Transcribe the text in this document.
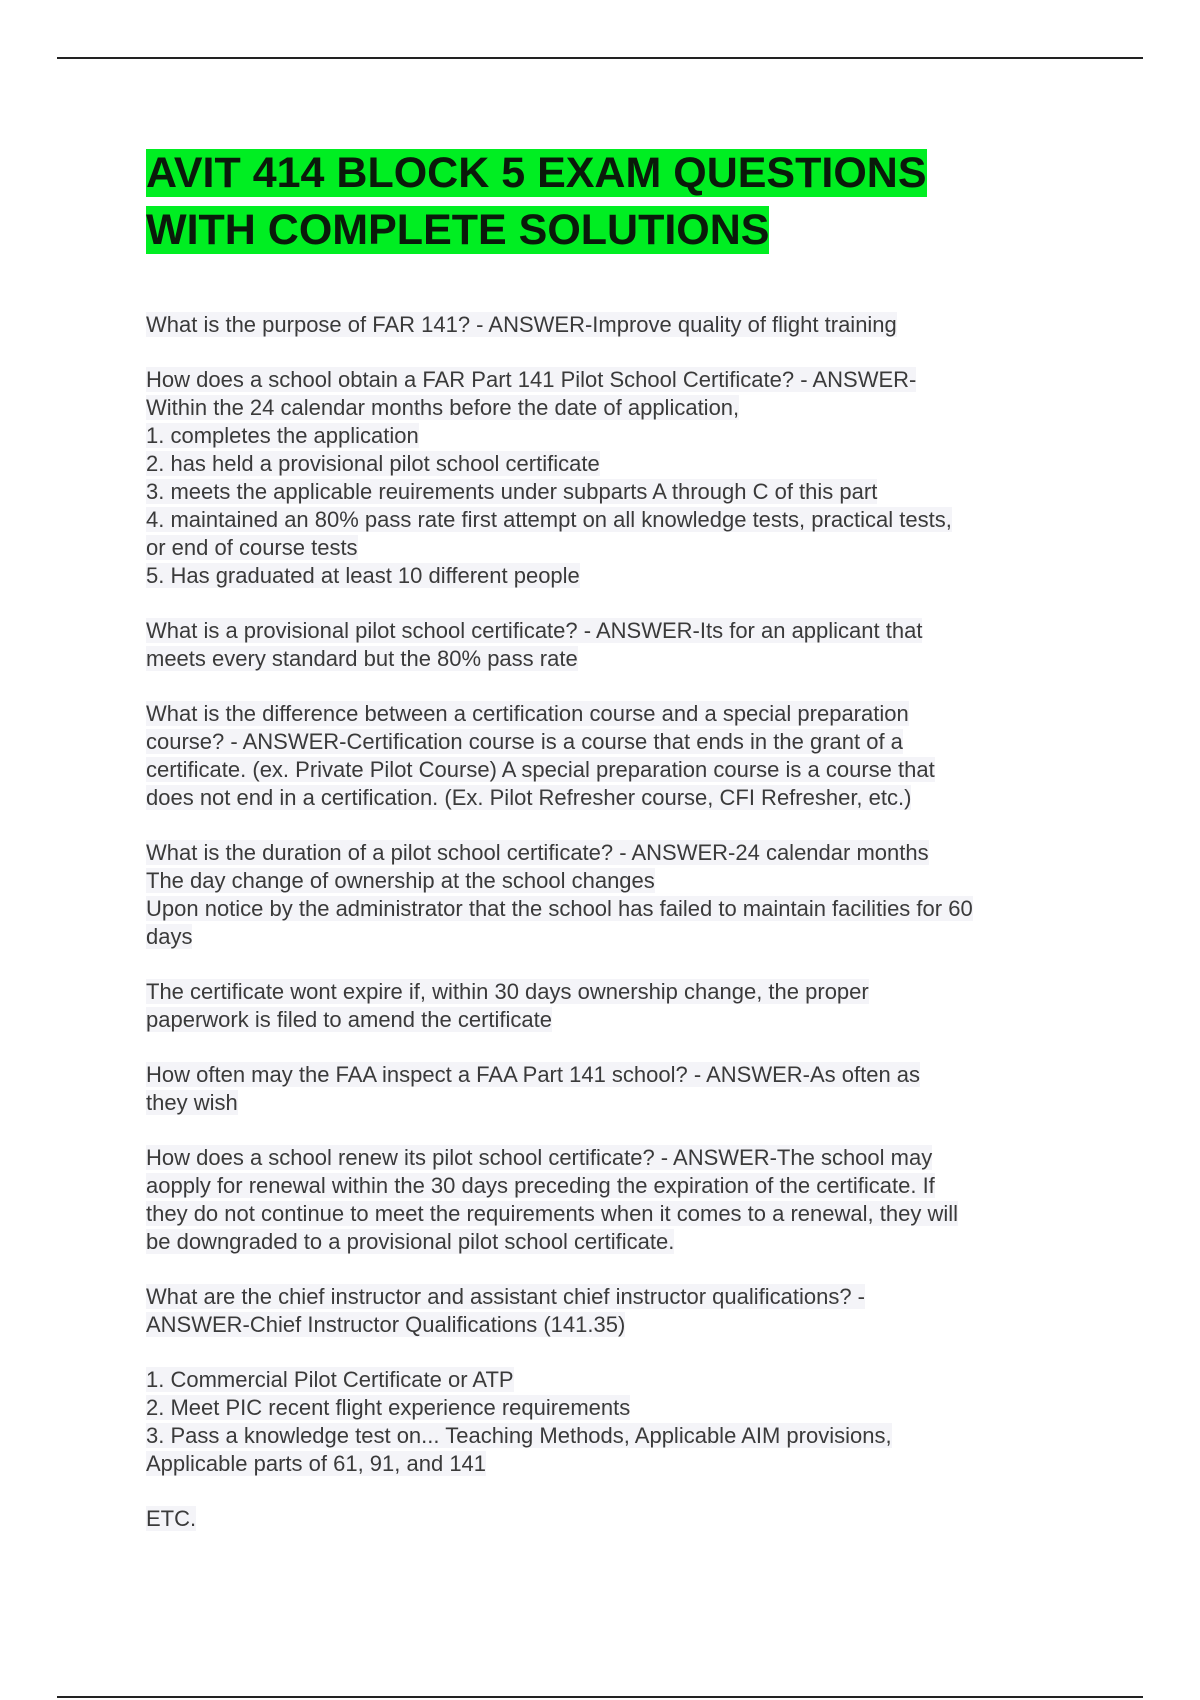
AVIT 414 BLOCK 5 EXAM QUESTIONS
WITH COMPLETE SOLUTIONS
What is the purpose of FAR 141? - ANSWER-Improve quality of flight training
How does a school obtain a FAR Part 141 Pilot School Certificate? - ANSWER-
Within the 24 calendar months before the date of application,
1. completes the application
2. has held a provisional pilot school certificate
3. meets the applicable reuirements under subparts A through C of this part
4. maintained an 80% pass rate first attempt on all knowledge tests, practical tests,
or end of course tests
5. Has graduated at least 10 different people
What is a provisional pilot school certificate? - ANSWER-Its for an applicant that
meets every standard but the 80% pass rate
What is the difference between a certification course and a special preparation
course? - ANSWER-Certification course is a course that ends in the grant of a
certificate. (ex. Private Pilot Course) A special preparation course is a course that
does not end in a certification. (Ex. Pilot Refresher course, CFI Refresher, etc.)
What is the duration of a pilot school certificate? - ANSWER-24 calendar months
The day change of ownership at the school changes
Upon notice by the administrator that the school has failed to maintain facilities for 60
days
The certificate wont expire if, within 30 days ownership change, the proper
paperwork is filed to amend the certificate
How often may the FAA inspect a FAA Part 141 school? - ANSWER-As often as
they wish
How does a school renew its pilot school certificate? - ANSWER-The school may
aopply for renewal within the 30 days preceding the expiration of the certificate. If
they do not continue to meet the requirements when it comes to a renewal, they will
be downgraded to a provisional pilot school certificate.
What are the chief instructor and assistant chief instructor qualifications? -
ANSWER-Chief Instructor Qualifications (141.35)
1. Commercial Pilot Certificate or ATP
2. Meet PIC recent flight experience requirements
3. Pass a knowledge test on... Teaching Methods, Applicable AIM provisions,
Applicable parts of 61, 91, and 141
ETC.
